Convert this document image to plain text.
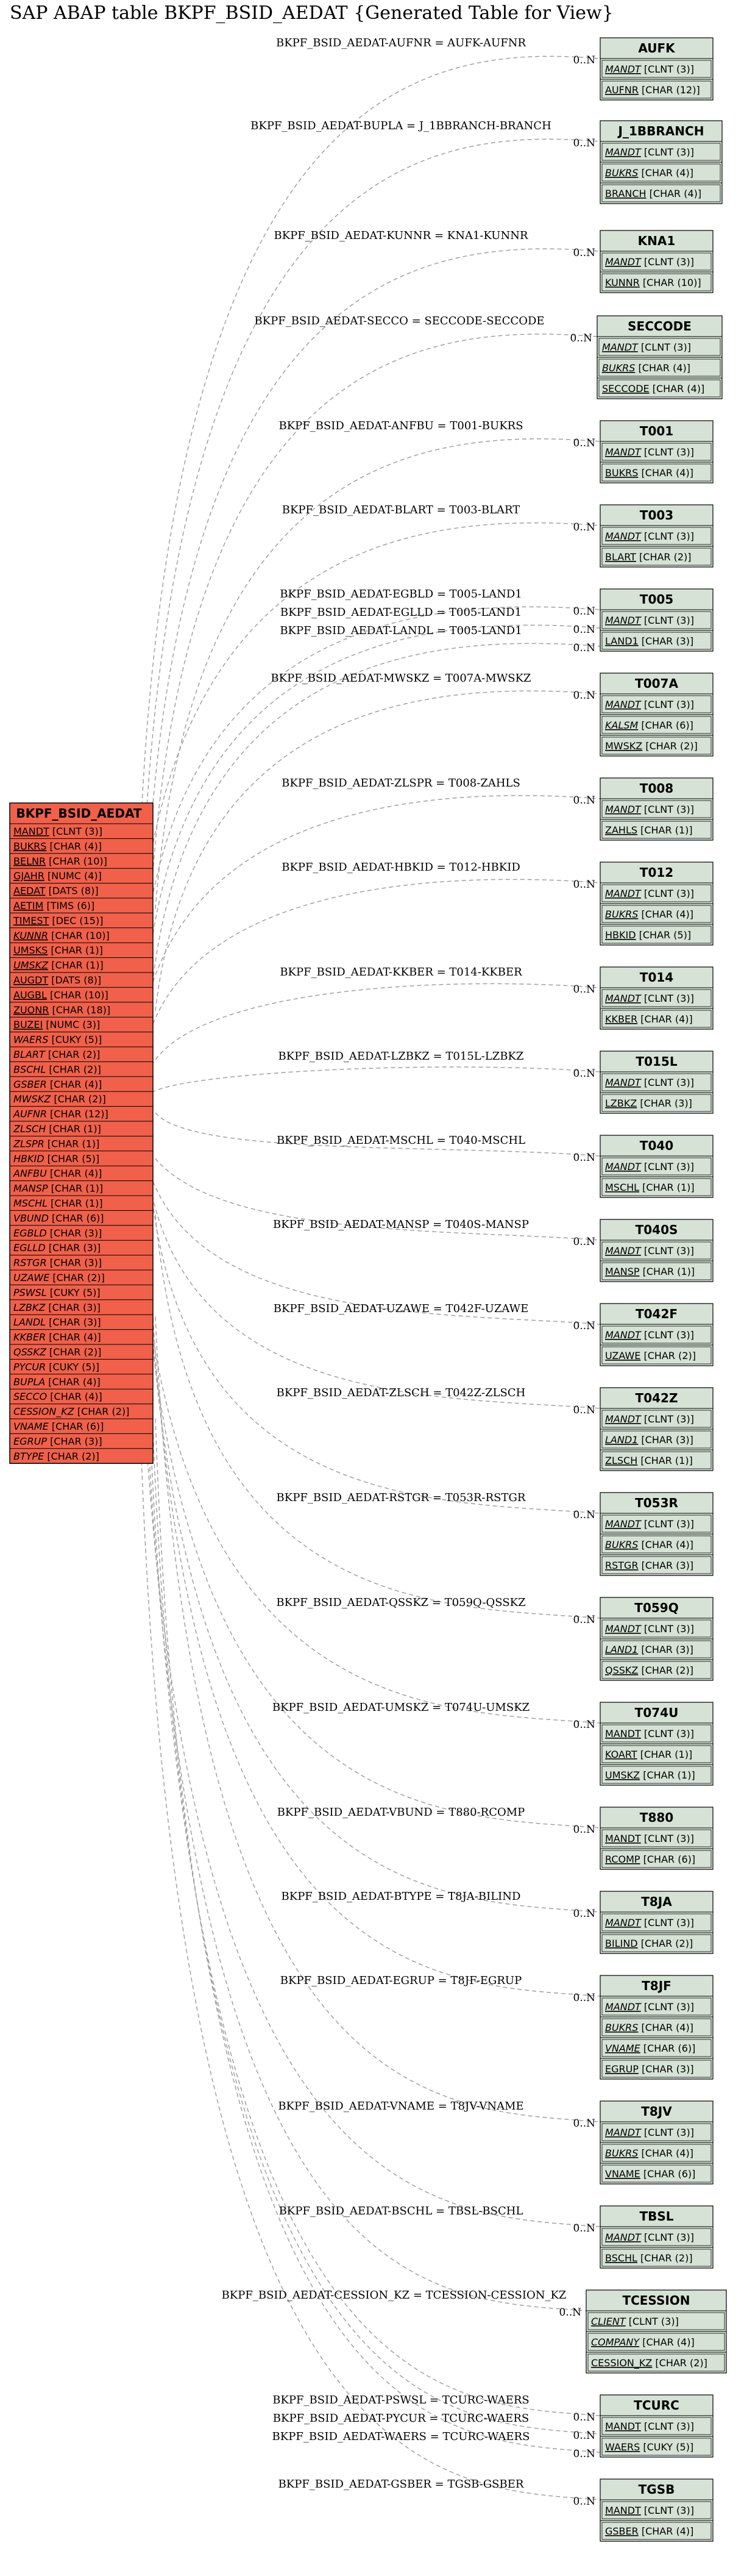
SAP ABAP table BKPF_BSID_AEDAT {Generated Table for View}
BKPF_BSID_AEDAT-AUFNR = AUFK-AUFNR
0..N
BKPF_BSID_AEDAT-BUPLA = J_1BBRANCH-BRANCH
0..N
BKPF_BSID_AEDAT-KUNNR = KNA1-KUNNR
0..N
BKPF_BSID_AEDAT-SECCO = SECCODE-SECCODE
0..N
BKPF_BSID_AEDAT-ANFBU = T001-BUKRS
0..N
BKPF_BSID_AEDAT-BLART = T003-BLART
0..N
BKPF_BSID_AEDAT-EGBLD = T005-LAND1
0..N
BKPF_BSID_AEDAT-EGLLD = T005-LAND1
0..N
BKPF_BSID_AEDAT-LANDL = T005-LAND1
0..N
BKPF_BSID_AEDAT-MWSKZ = T007A-MWSKZ
0..N
BKPF_BSID_AEDAT-ZLSPR = T008-ZAHLS
0..N
BKPF_BSID_AEDAT-HBKID = T012-HBKID
0..N
BKPF_BSID_AEDAT-KKBER = T014-KKBER
0..N
BKPF_BSID_AEDAT-LZBKZ = T015L-LZBKZ
0..N
BKPF_BSID_AEDAT-MSCHL = T040-MSCHL
0..N
BKPF_BSID_AEDAT-MANSP = T040S-MANSP
0..N
BKPF_BSID_AEDAT-UZAWE = T042F-UZAWE
0..N
BKPF_BSID_AEDAT-ZLSCH = T042Z-ZLSCH
0..N
BKPF_BSID_AEDAT-RSTGR = T053R-RSTGR
0..N
BKPF_BSID_AEDAT-QSSKZ = T059Q-QSSKZ
0..N
BKPF_BSID_AEDAT-UMSKZ = T074U-UMSKZ
0..N
BKPF_BSID_AEDAT-VBUND = T880-RCOMP
0..N
BKPF_BSID_AEDAT-BTYPE = T8JA-BILIND
0..N
BKPF_BSID_AEDAT-EGRUP = T8JF-EGRUP
0..N
BKPF_BSID_AEDAT-VNAME = T8JV-VNAME
0..N
BKPF_BSID_AEDAT-BSCHL = TBSL-BSCHL
0..N
BKPF_BSID_AEDAT-CESSION_KZ = TCESSION-CESSION_KZ
0..N
BKPF_BSID_AEDAT-PSWSL = TCURC-WAERS
0..N
BKPF_BSID_AEDAT-PYCUR = TCURC-WAERS
0..N
BKPF_BSID_AEDAT-WAERS = TCURC-WAERS
0..N
BKPF_BSID_AEDAT-GSBER = TGSB-GSBER
0..N
BKPF_BSID_AEDAT
MANDT [CLNT (3)]
BUKRS [CHAR (4)]
BELNR [CHAR (10)]
GJAHR [NUMC (4)]
AEDAT [DATS (8)]
AETIM [TIMS (6)]
TIMEST [DEC (15)]
KUNNR [CHAR (10)]
UMSKS [CHAR (1)]
UMSKZ [CHAR (1)]
AUGDT [DATS (8)]
AUGBL [CHAR (10)]
ZUONR [CHAR (18)]
BUZEI [NUMC (3)]
WAERS [CUKY (5)]
BLART [CHAR (2)]
BSCHL [CHAR (2)]
GSBER [CHAR (4)]
MWSKZ [CHAR (2)]
AUFNR [CHAR (12)]
ZLSCH [CHAR (1)]
ZLSPR [CHAR (1)]
HBKID [CHAR (5)]
ANFBU [CHAR (4)]
MANSP [CHAR (1)]
MSCHL [CHAR (1)]
VBUND [CHAR (6)]
EGBLD [CHAR (3)]
EGLLD [CHAR (3)]
RSTGR [CHAR (3)]
UZAWE [CHAR (2)]
PSWSL [CUKY (5)]
LZBKZ [CHAR (3)]
LANDL [CHAR (3)]
KKBER [CHAR (4)]
QSSKZ [CHAR (2)]
PYCUR [CUKY (5)]
BUPLA [CHAR (4)]
SECCO [CHAR (4)]
CESSION_KZ [CHAR (2)]
VNAME [CHAR (6)]
EGRUP [CHAR (3)]
BTYPE [CHAR (2)]
AUFK
MANDT [CLNT (3)]
AUFNR [CHAR (12)]
J_1BBRANCH
MANDT [CLNT (3)]
BUKRS [CHAR (4)]
BRANCH [CHAR (4)]
KNA1
MANDT [CLNT (3)]
KUNNR [CHAR (10)]
SECCODE
MANDT [CLNT (3)]
BUKRS [CHAR (4)]
SECCODE [CHAR (4)]
T001
MANDT [CLNT (3)]
BUKRS [CHAR (4)]
T003
MANDT [CLNT (3)]
BLART [CHAR (2)]
T005
MANDT [CLNT (3)]
LAND1 [CHAR (3)]
T007A
MANDT [CLNT (3)]
KALSM [CHAR (6)]
MWSKZ [CHAR (2)]
T008
MANDT [CLNT (3)]
ZAHLS [CHAR (1)]
T012
MANDT [CLNT (3)]
BUKRS [CHAR (4)]
HBKID [CHAR (5)]
T014
MANDT [CLNT (3)]
KKBER [CHAR (4)]
T015L
MANDT [CLNT (3)]
LZBKZ [CHAR (3)]
T040
MANDT [CLNT (3)]
MSCHL [CHAR (1)]
T040S
MANDT [CLNT (3)]
MANSP [CHAR (1)]
T042F
MANDT [CLNT (3)]
UZAWE [CHAR (2)]
T042Z
MANDT [CLNT (3)]
LAND1 [CHAR (3)]
ZLSCH [CHAR (1)]
T053R
MANDT [CLNT (3)]
BUKRS [CHAR (4)]
RSTGR [CHAR (3)]
T059Q
MANDT [CLNT (3)]
LAND1 [CHAR (3)]
QSSKZ [CHAR (2)]
T074U
MANDT [CLNT (3)]
KOART [CHAR (1)]
UMSKZ [CHAR (1)]
T880
MANDT [CLNT (3)]
RCOMP [CHAR (6)]
T8JA
MANDT [CLNT (3)]
BILIND [CHAR (2)]
T8JF
MANDT [CLNT (3)]
BUKRS [CHAR (4)]
VNAME [CHAR (6)]
EGRUP [CHAR (3)]
T8JV
MANDT [CLNT (3)]
BUKRS [CHAR (4)]
VNAME [CHAR (6)]
TBSL
MANDT [CLNT (3)]
BSCHL [CHAR (2)]
TCESSION
CLIENT [CLNT (3)]
COMPANY [CHAR (4)]
CESSION_KZ [CHAR (2)]
TCURC
MANDT [CLNT (3)]
WAERS [CUKY (5)]
TGSB
MANDT [CLNT (3)]
GSBER [CHAR (4)]
